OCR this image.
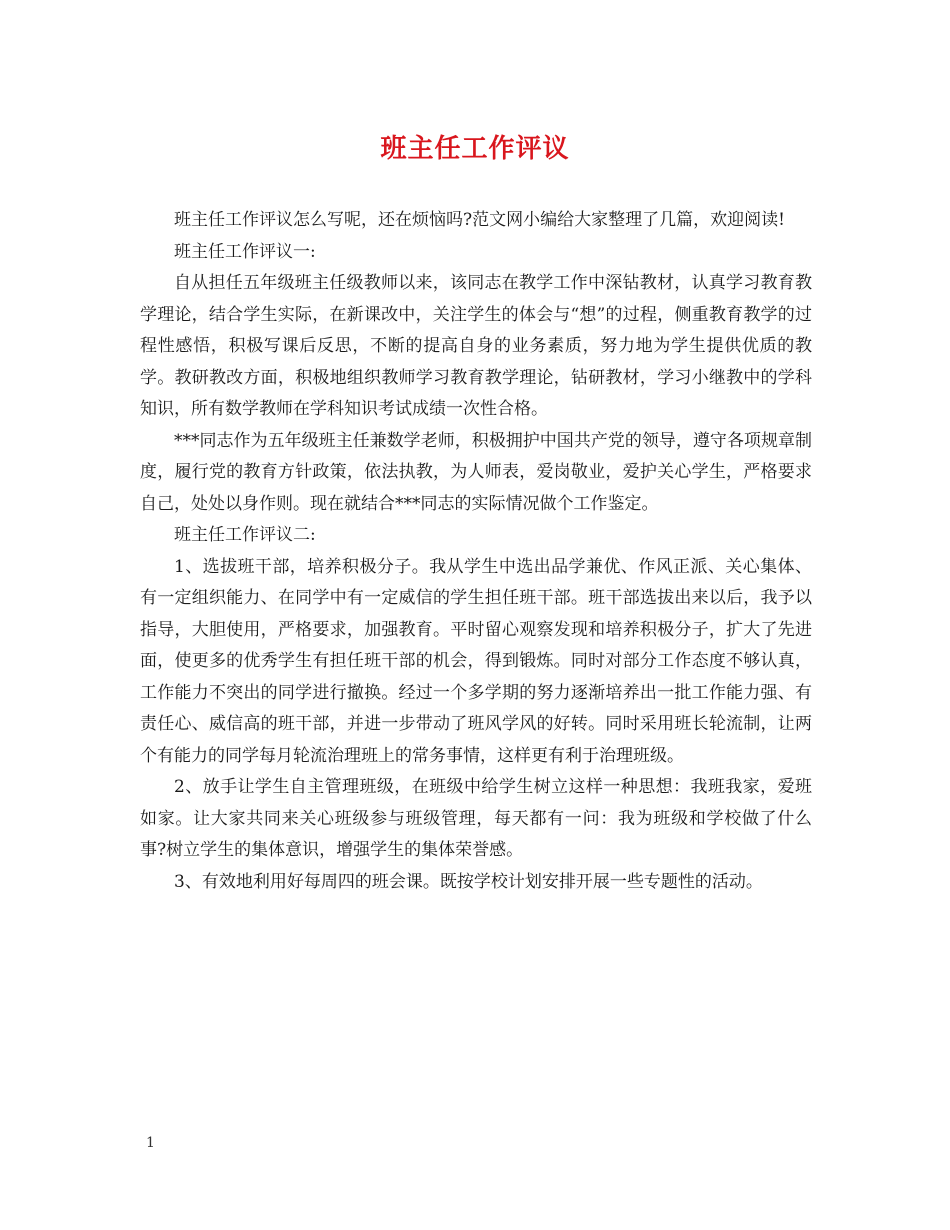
班主任工作评议

班主任工作评议怎么写呢，还在烦恼吗?范文网小编给大家整理了几篇，欢迎阅读!

班主任工作评议一:

自从担任五年级班主任级教师以来，该同志在教学工作中深钻教材，认真学习教育教学理论，结合学生实际，在新课改中，关注学生的体会与“想”的过程，侧重教育教学的过程性感悟，积极写课后反思，不断的提高自身的业务素质，努力地为学生提供优质的教学。教研教改方面，积极地组织教师学习教育教学理论，钻研教材，学习小继教中的学科知识，所有数学教师在学科知识考试成绩一次性合格。

***同志作为五年级班主任兼数学老师，积极拥护中国共产党的领导，遵守各项规章制度，履行党的教育方针政策，依法执教，为人师表，爱岗敬业，爱护关心学生，严格要求自己，处处以身作则。现在就结合***同志的实际情况做个工作鉴定。

班主任工作评议二:

1、选拔班干部，培养积极分子。我从学生中选出品学兼优、作风正派、关心集体、有一定组织能力、在同学中有一定威信的学生担任班干部。班干部选拔出来以后，我予以指导，大胆使用，严格要求，加强教育。平时留心观察发现和培养积极分子，扩大了先进面，使更多的优秀学生有担任班干部的机会，得到锻炼。同时对部分工作态度不够认真，工作能力不突出的同学进行撤换。经过一个多学期的努力逐渐培养出一批工作能力强、有责任心、威信高的班干部，并进一步带动了班风学风的好转。同时采用班长轮流制，让两个有能力的同学每月轮流治理班上的常务事情，这样更有利于治理班级。

2、放手让学生自主管理班级，在班级中给学生树立这样一种思想：我班我家，爱班如家。让大家共同来关心班级参与班级管理，每天都有一问：我为班级和学校做了什么事?树立学生的集体意识，增强学生的集体荣誉感。

3、有效地利用好每周四的班会课。既按学校计划安排开展一些专题性的活动。

1
